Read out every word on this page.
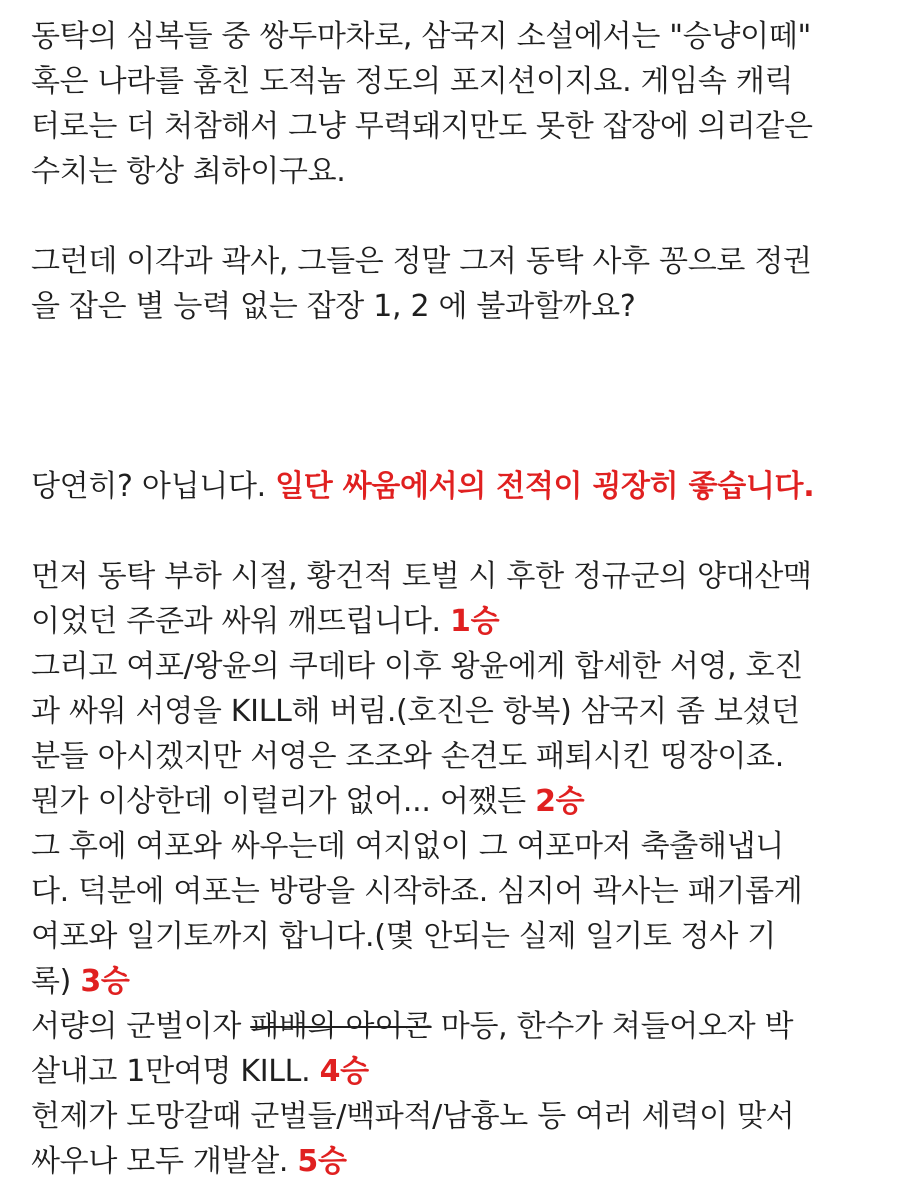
동탁의 심복들 중 쌍두마차로, 삼국지 소설에서는 "승냥이떼"
혹은 나라를 훔친 도적놈 정도의 포지션이지요. 게임속 캐릭
터로는 더 처참해서 그냥 무력돼지만도 못한 잡장에 의리같은
수치는 항상 최하이구요.
그런데 이각과 곽사, 그들은 정말 그저 동탁 사후 꽁으로 정권
을 잡은 별 능력 없는 잡장 1, 2 에 불과할까요?
당연히? 아닙니다. 일단 싸움에서의 전적이 굉장히 좋습니다.
먼저 동탁 부하 시절, 황건적 토벌 시 후한 정규군의 양대산맥
이었던 주준과 싸워 깨뜨립니다. 1승
그리고 여포/왕윤의 쿠데타 이후 왕윤에게 합세한 서영, 호진
과 싸워 서영을 KILL해 버림.(호진은 항복) 삼국지 좀 보셨던
분들 아시겠지만 서영은 조조와 손견도 패퇴시킨 띵장이죠.
뭔가 이상한데 이럴리가 없어... 어쨌든 2승
그 후에 여포와 싸우는데 여지없이 그 여포마저 축출해냅니
다. 덕분에 여포는 방랑을 시작하죠. 심지어 곽사는 패기롭게
여포와 일기토까지 합니다.(몇 안되는 실제 일기토 정사 기
록) 3승
서량의 군벌이자 패배의 아이콘 마등, 한수가 쳐들어오자 박
살내고 1만여명 KILL. 4승
헌제가 도망갈때 군벌들/백파적/남흉노 등 여러 세력이 맞서
싸우나 모두 개발살. 5승
